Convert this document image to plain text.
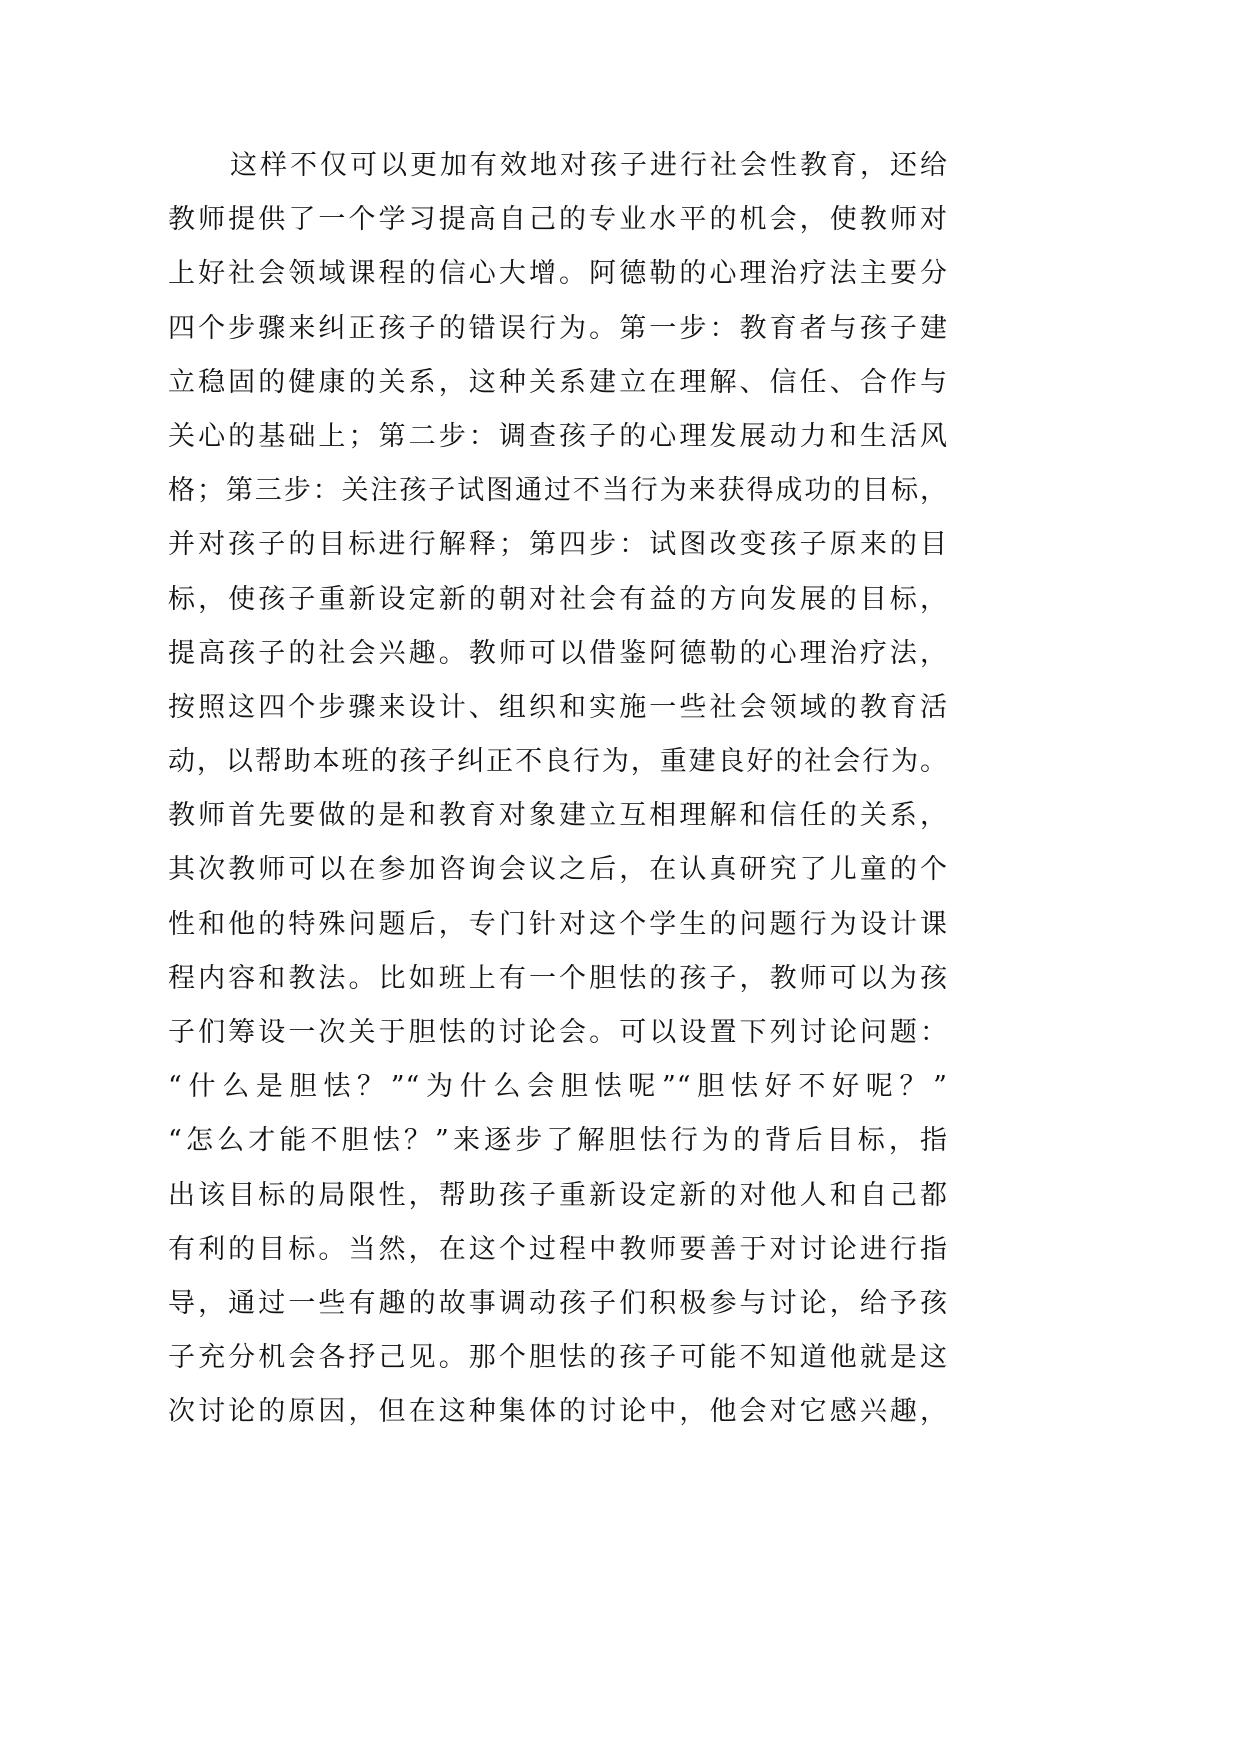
这样不仅可以更加有效地对孩子进行社会性教育，还给
教师提供了一个学习提高自己的专业水平的机会，使教师对
上好社会领域课程的信心大增。阿德勒的心理治疗法主要分
四个步骤来纠正孩子的错误行为。第一步：教育者与孩子建
立稳固的健康的关系，这种关系建立在理解、信任、合作与
关心的基础上；第二步：调查孩子的心理发展动力和生活风
格；第三步：关注孩子试图通过不当行为来获得成功的目标，
并对孩子的目标进行解释；第四步：试图改变孩子原来的目
标，使孩子重新设定新的朝对社会有益的方向发展的目标，
提高孩子的社会兴趣。教师可以借鉴阿德勒的心理治疗法，
按照这四个步骤来设计、组织和实施一些社会领域的教育活
动，以帮助本班的孩子纠正不良行为，重建良好的社会行为。
教师首先要做的是和教育对象建立互相理解和信任的关系，
其次教师可以在参加咨询会议之后，在认真研究了儿童的个
性和他的特殊问题后，专门针对这个学生的问题行为设计课
程内容和教法。比如班上有一个胆怯的孩子，教师可以为孩
子们筹设一次关于胆怯的讨论会。可以设置下列讨论问题：
“什么是胆怯？”“为什么会胆怯呢”“胆怯好不好呢？”
“怎么才能不胆怯？”来逐步了解胆怯行为的背后目标，指
出该目标的局限性，帮助孩子重新设定新的对他人和自己都
有利的目标。当然，在这个过程中教师要善于对讨论进行指
导，通过一些有趣的故事调动孩子们积极参与讨论，给予孩
子充分机会各抒己见。那个胆怯的孩子可能不知道他就是这
次讨论的原因，但在这种集体的讨论中，他会对它感兴趣，
